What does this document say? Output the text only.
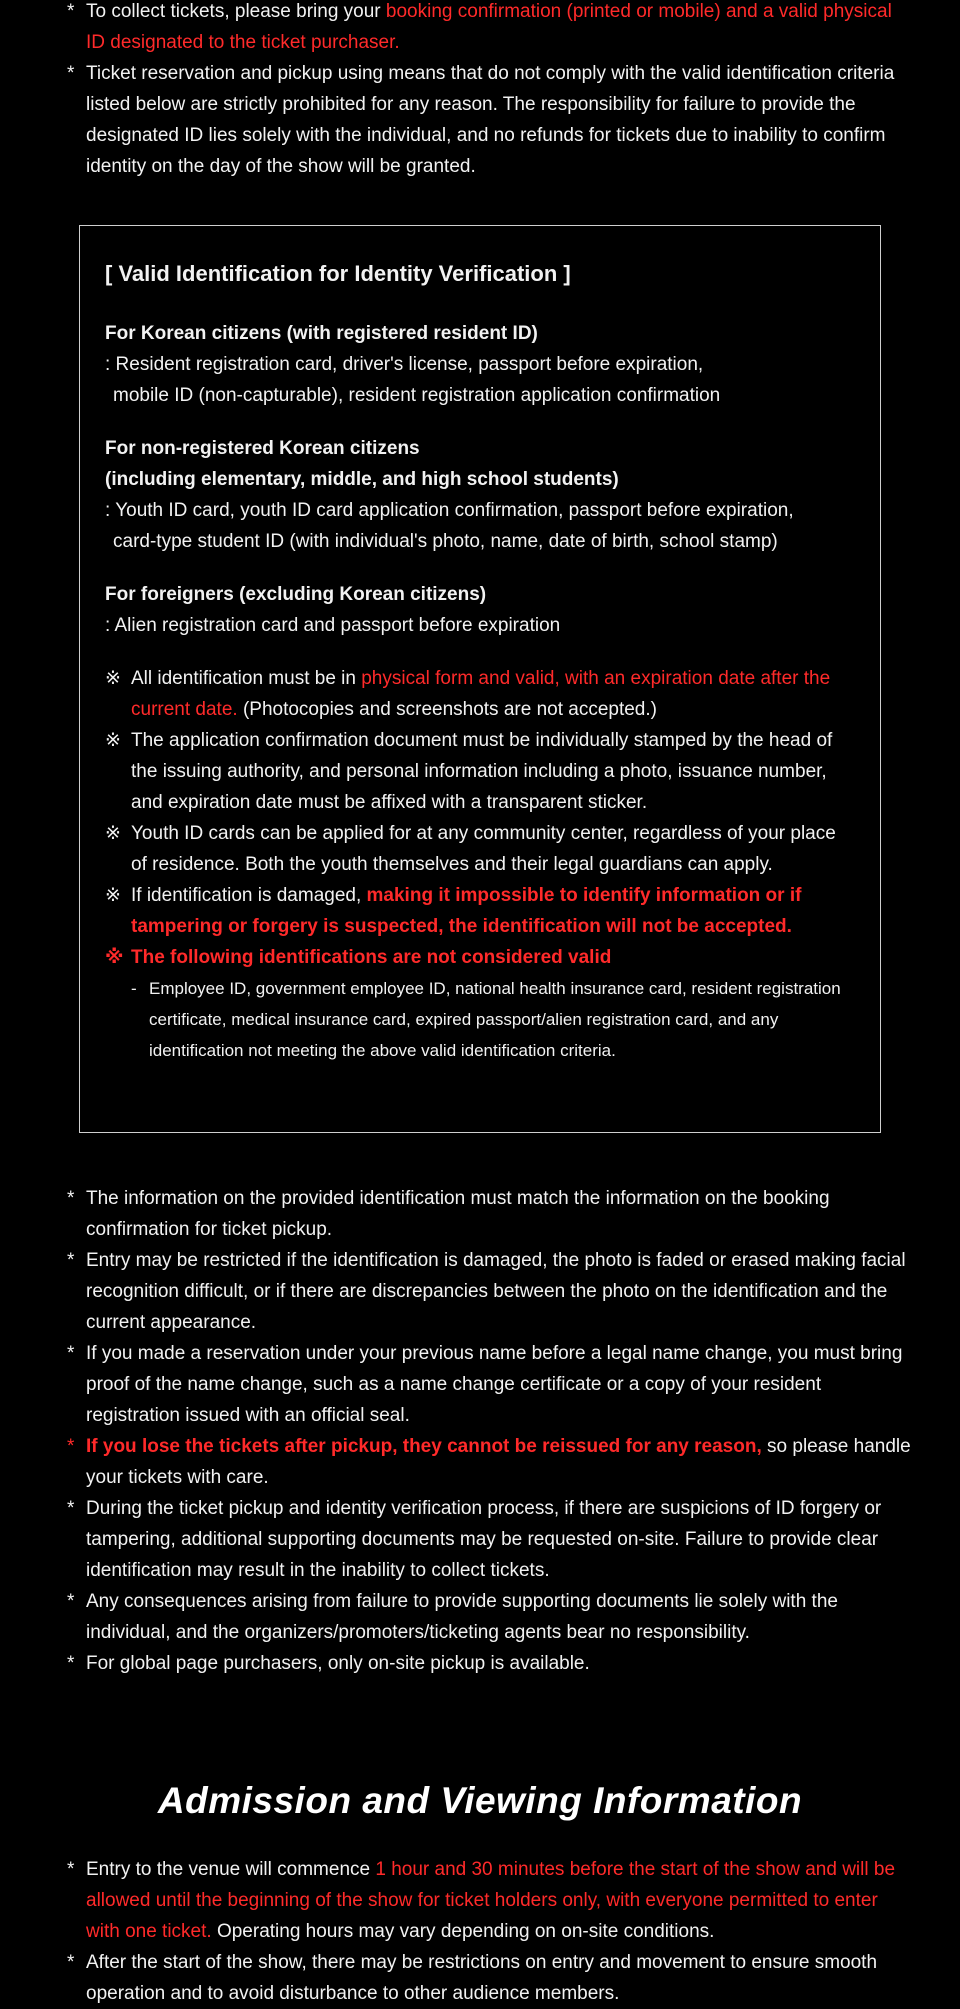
* To collect tickets, please bring your booking confirmation (printed or mobile) and a valid physical ID designated to the ticket purchaser.
* Ticket reservation and pickup using means that do not comply with the valid identification criteria listed below are strictly prohibited for any reason. The responsibility for failure to provide the designated ID lies solely with the individual, and no refunds for tickets due to inability to confirm identity on the day of the show will be granted.
[ Valid Identification for Identity Verification ]
For Korean citizens (with registered resident ID)
: Resident registration card, driver's license, passport before expiration,
mobile ID (non-capturable), resident registration application confirmation
For non-registered Korean citizens
(including elementary, middle, and high school students)
: Youth ID card, youth ID card application confirmation, passport before expiration,
card-type student ID (with individual's photo, name, date of birth, school stamp)
For foreigners (excluding Korean citizens)
: Alien registration card and passport before expiration
※ All identification must be in physical form and valid, with an expiration date after the current date. (Photocopies and screenshots are not accepted.)
※ The application confirmation document must be individually stamped by the head of the issuing authority, and personal information including a photo, issuance number, and expiration date must be affixed with a transparent sticker.
※ Youth ID cards can be applied for at any community center, regardless of your place of residence. Both the youth themselves and their legal guardians can apply.
※ If identification is damaged, making it impossible to identify information or if tampering or forgery is suspected, the identification will not be accepted.
※ The following identifications are not considered valid
- Employee ID, government employee ID, national health insurance card, resident registration certificate, medical insurance card, expired passport/alien registration card, and any identification not meeting the above valid identification criteria.
* The information on the provided identification must match the information on the booking confirmation for ticket pickup.
* Entry may be restricted if the identification is damaged, the photo is faded or erased making facial recognition difficult, or if there are discrepancies between the photo on the identification and the current appearance.
* If you made a reservation under your previous name before a legal name change, you must bring proof of the name change, such as a name change certificate or a copy of your resident registration issued with an official seal.
* If you lose the tickets after pickup, they cannot be reissued for any reason, so please handle your tickets with care.
* During the ticket pickup and identity verification process, if there are suspicions of ID forgery or tampering, additional supporting documents may be requested on-site. Failure to provide clear identification may result in the inability to collect tickets.
* Any consequences arising from failure to provide supporting documents lie solely with the individual, and the organizers/promoters/ticketing agents bear no responsibility.
* For global page purchasers, only on-site pickup is available.
Admission and Viewing Information
* Entry to the venue will commence 1 hour and 30 minutes before the start of the show and will be allowed until the beginning of the show for ticket holders only, with everyone permitted to enter with one ticket. Operating hours may vary depending on on-site conditions.
* After the start of the show, there may be restrictions on entry and movement to ensure smooth operation and to avoid disturbance to other audience members.
